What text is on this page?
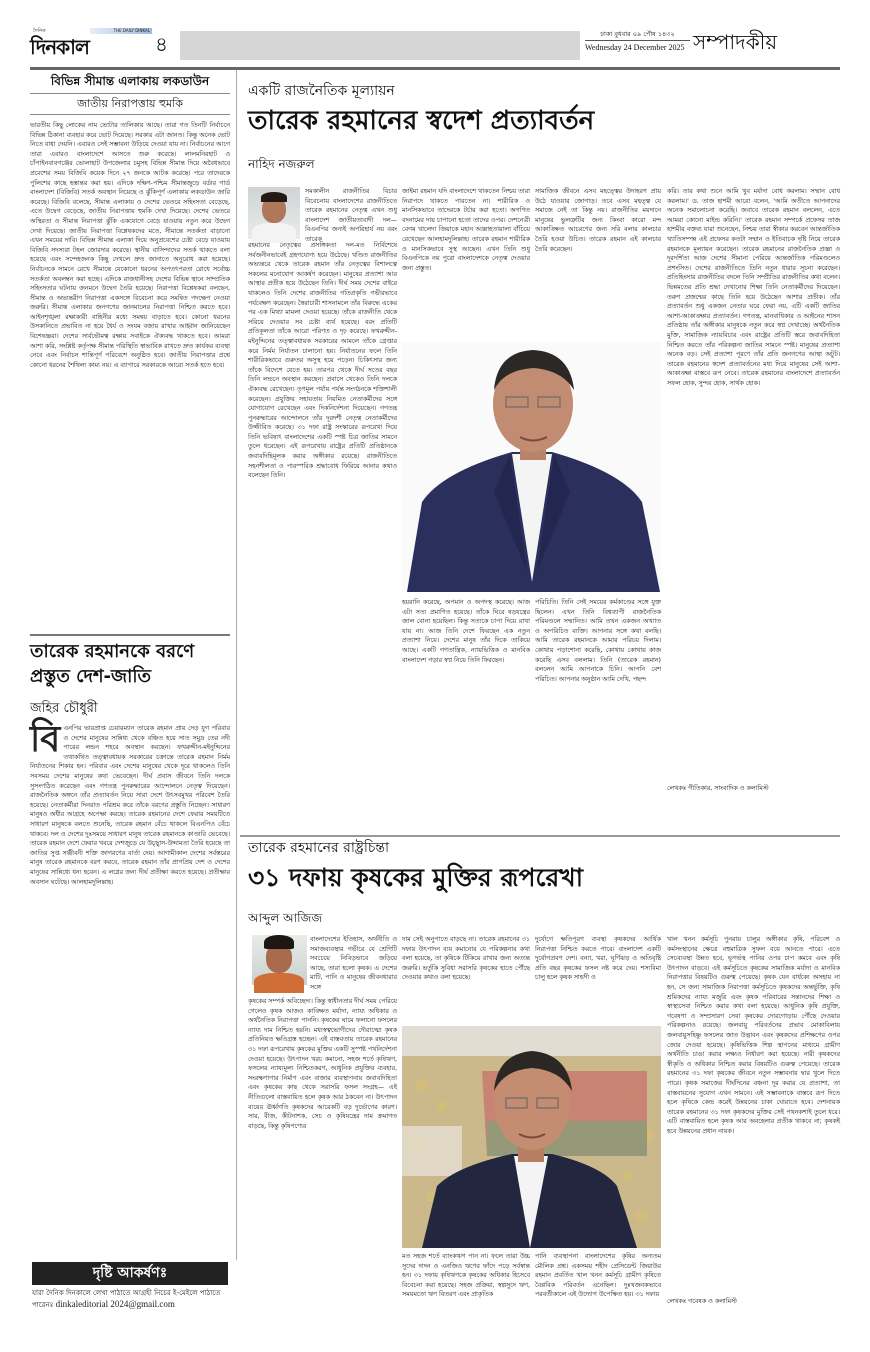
দৈনিক	THE DAILY DINKAL
দিনকাল	৪	ঢাকা বুধবার ০৯ পৌষ ১৪৩২
Wednesday 24 December 2025 সম্পাদকীয়
বিভিন্ন সীমান্ত এলাকায় লকডাউন
জাতীয় নিরাপত্তায় হুমকি
ভারতীয় কিছু লোকের নাম ভোটার তালিকায় আছে। তারা গত তিনটি নির্বাচনে বিভিন্ন ঠিকানা ব্যবহার করে ভোট দিয়েছে। সরকার এটা জানত। কিন্তু অনেক ভোট নিতে বাধা দেয়নি। এবারও সেই সম্ভাবনা উড়িয়ে দেওয়া যায় না। নির্বাচনের আগে তারা এবারও বাংলাদেশে আসতে শুরু করেছে। লালমনিরহাট ও চাঁপাইনবাবগঞ্জের ভোলাহাট উপজেলার চমুসহ বিভিন্ন সীমান্ত দিয়ে অবৈধভাবে প্রবেশের সময় বিজিবি কয়েক দিনে ২৭ জনকে আটক করেছে। পরে তাদেরকে পুলিশের কাছে হস্তান্তর করা হয়। এদিকে দক্ষিণ-পশ্চিম সীমান্তজুড়ে বর্ডার গার্ড বাংলাদেশ (বিজিবি) সতর্ক অবস্থান নিয়েছে ও ঝুঁকিপূর্ণ এলাকায় লকডাউন জারি করেছে। বিজিবি বলেছে, সীমান্ত এলাকায় ও দেশের ভেতরে সহিংসতা বেড়েছে, এতে উদ্বেগ বেড়েছে, জাতীয় নিরাপত্তায় হুমকি দেখা দিয়েছে। দেশের ভেতরে অস্থিরতা ও সীমান্ত নিরাপত্তা ঝুঁকি একযোগে বেড়ে যাওয়ায় নতুন করে উদ্বেগ দেখা দিয়েছে। জাতীয় নিরাপত্তা বিশ্লেষকদের মতে, সীমান্তে সতর্কতা বাড়ানো এখন সময়ের দাবি। বিভিন্ন সীমান্ত এলাকা দিয়ে অনুপ্রবেশের চেষ্টা বেড়ে যাওয়ায় বিজিবি সদস্যরা টহল জোরদার করেছে। স্থানীয় বাসিন্দাদের সতর্ক থাকতে বলা হয়েছে এবং সন্দেহজনক কিছু দেখলে দ্রুত জানাতে অনুরোধ করা হয়েছে। নির্বাচনকে সামনে রেখে সীমান্তে যেকোনো ধরনের অপতৎপরতা রোধে সর্বোচ্চ সতর্কতা অবলম্বন করা হচ্ছে। এদিকে রাজধানীসহ দেশের বিভিন্ন স্থানে সাম্প্রতিক সহিংসতার ঘটনায় জনমনে উদ্বেগ তৈরি হয়েছে। নিরাপত্তা বিশ্লেষকরা বলছেন, সীমান্ত ও অভ্যন্তরীণ নিরাপত্তা একসঙ্গে বিবেচনা করে সমন্বিত পদক্ষেপ নেওয়া জরুরি। সীমান্ত এলাকার জনগণের জানমালের নিরাপত্তা নিশ্চিত করতে হবে। আইনশৃঙ্খলা রক্ষাকারী বাহিনীর মধ্যে সমন্বয় বাড়াতে হবে। কোনো ধরনের উসকানিতে প্রভাবিত না হয়ে ধৈর্য ও সংযম বজায় রাখার আহ্বান জানিয়েছেন বিশেষজ্ঞরা। দেশের সার্বভৌমত্ব রক্ষায় সবাইকে ঐক্যবদ্ধ থাকতে হবে। আমরা আশা করি, সংশ্লিষ্ট কর্তৃপক্ষ সীমান্ত পরিস্থিতি স্বাভাবিক রাখতে দ্রুত কার্যকর ব্যবস্থা নেবে এবং নির্বাচন শান্তিপূর্ণ পরিবেশে অনুষ্ঠিত হবে। জাতীয় নিরাপত্তার প্রশ্নে কোনো ধরনের শৈথিল্য কাম্য নয়। এ ব্যাপারে সরকারকে আরো সতর্ক হতে হবে।
তারেক রহমানকে বরণে প্রস্তুত দেশ-জাতি
জহির চৌধুরী
বি এনপির ভারপ্রাপ্ত চেয়ারম্যান তারেক রহমান প্রায় দেড় যুগ পরিবার ও দেশের মানুষের সান্নিধ্য থেকে বঞ্চিত হয়ে সাত সমুদ্র তের নদী পারের লন্ডন শহরে অবস্থান করছেন। ফখরুদ্দীন-মইনুদ্দিনের তথাকথিত তত্ত্বাবধায়ক সরকারের চক্রান্তে তারেক রহমান নির্মম নির্যাতনের শিকার হন। পরিবার এবং দেশের মানুষের থেকে দূরে থাকলেও তিনি সবসময় দেশের মানুষের কথা ভেবেছেন। দীর্ঘ প্রবাস জীবনে তিনি দলকে সুসংগঠিত করেছেন এবং গণতন্ত্র পুনরুদ্ধারের আন্দোলনে নেতৃত্ব দিয়েছেন। রাজনৈতিক অঙ্গনে তাঁর প্রত্যাবর্তন নিয়ে সারা দেশে উৎসবমুখর পরিবেশ তৈরি হয়েছে। নেতাকর্মীরা দিনরাত পরিশ্রম করে তাঁকে বরণের প্রস্তুতি নিচ্ছেন। সাধারণ মানুষও অধীর আগ্রহে অপেক্ষা করছে। তারেক রহমানের দেশে ফেরার সময়টিতে সাধারণ মানুষকে বলতে শুনেছি, তারেক রহমান বেঁচে থাকলে বিএনপিও বেঁচে থাকবে। দল ও দেশের দুঃসময়ে সাধারণ মানুষ তারেক রহমানকে কাণ্ডারি ভেবেছে। তারেক রহমান দেশে ফেরার খবরে দেশজুড়ে যে উচ্ছ্বাস-উদ্দামতা তৈরি হয়েছে তা জাতির সুপ্ত সঞ্জীবনী শক্তি জাগরণের বার্তা দেয়। আগামীকাল দেশের সর্বস্তরের মানুষ তারেক রহমানকে বরণ করবে, তারেক রহমান তাঁর প্রাণপ্রিয় দেশ ও দেশের মানুষের সান্নিধ্যে ধন্য হবেন। এ লগ্নের জন্য দীর্ঘ প্রতীক্ষা করতে হয়েছে। প্রতীক্ষার অবসান ঘটেছে। আলহামদুলিল্লাহ।
দৃষ্টি আকর্ষণঃ
যারা দৈনিক দিনকালে লেখা পাঠাতে আগ্রহী নিচের ই-মেইলে পাঠাতে পারেনঃ dinkaleditorial 2024@gmail.com
একটি রাজনৈতিক মূল্যায়ন
তারেক রহমানের স্বদেশ প্রত্যাবর্তন
নাহিদ নজরুল
সমকালীন রাজনীতির বিচার বিবেচনায় বাংলাদেশের রাজনীতিতে তারেক রহমানের নেতৃত্ব এখন শুধু বাংলাদেশ জাতীয়তাবাদী দল— বিএনপির জন্যই অপরিহার্য নয় বরং তারেক
রহমানের নেতৃত্বের প্রসঙ্গিকতা দল-মত নির্বিশেষে সর্বজনীনভাবেই গ্রহণযোগ্য হয়ে উঠেছে। খণ্ডিত রাজনীতির অভ্যন্তরে থেকে তারেক রহমান তাঁর নেতৃত্বের বিশালত্বে সকলের মনোযোগ আকর্ষণ করেছেন। মানুষের প্রত্যাশা আর আস্থার প্রতীক হয়ে উঠেছেন তিনি। দীর্ঘ সময় দেশের বাইরে থাকলেও তিনি দেশের রাজনীতির গতিপ্রকৃতি গভীরভাবে পর্যবেক্ষণ করেছেন। স্বৈরাচারী শাসনামলে তাঁর বিরুদ্ধে একের পর এক মিথ্যা মামলা দেওয়া হয়েছে। তাঁকে রাজনীতি থেকে সরিয়ে দেওয়ার সব চেষ্টা ব্যর্থ হয়েছে। বরং প্রতিটি প্রতিকূলতা তাঁকে আরো পরিণত ও দৃঢ় করেছে। ফখরুদ্দীন-মইনুদ্দিনের তত্ত্বাবধায়ক সরকারের আমলে তাঁকে গ্রেপ্তার করে নির্মম নির্যাতন চালানো হয়। নির্যাতনের ফলে তিনি শারীরিকভাবে গুরুতর অসুস্থ হয়ে পড়েন। চিকিৎসার জন্য তাঁকে বিদেশে যেতে হয়। তারপর থেকে দীর্ঘ সতের বছর তিনি লন্ডনে অবস্থান করছেন। প্রবাসে থেকেও তিনি দলকে ঐক্যবদ্ধ রেখেছেন। তৃণমূল পর্যায় পর্যন্ত সংগঠনকে শক্তিশালী করেছেন। প্রযুক্তির সহায়তায় নিয়মিত নেতাকর্মীদের সঙ্গে যোগাযোগ রেখেছেন এবং দিকনির্দেশনা দিয়েছেন। গণতন্ত্র পুনরুদ্ধারের আন্দোলনে তাঁর দূরদর্শী নেতৃত্ব নেতাকর্মীদের উজ্জীবিত করেছে। ৩১ দফা রাষ্ট্র সংস্কারের রূপরেখা দিয়ে তিনি ভবিষ্যৎ বাংলাদেশের একটি স্পষ্ট চিত্র জাতির সামনে তুলে ধরেছেন। এই রূপরেখায় রাষ্ট্রের প্রতিটি প্রতিষ্ঠানকে জবাবদিহিমূলক করার অঙ্গীকার রয়েছে। রাজনীতিতে সহনশীলতা ও পারস্পরিক শ্রদ্ধাবোধ ফিরিয়ে আনার কথাও বলেছেন তিনি।
জাইমা রহমান যদি বাংলাদেশে থাকতেন নিশ্চয় তারা নিরাপদে থাকতে পারতেন না। শারীরিক ও মানসিকভাবে তাদেরকে টর্চার করা হতো। অগণিত বদনামের দায় চাপানো হতো তাদের ওপর। দেশনেত্রী বেগম খালেদা জিয়াকে মহান আল্লাহতায়ালা বাঁচিয়ে রেখেছেন আলহামদুলিল্লাহ। তারেক রহমান শারীরিক ও মানসিকভাবে সুস্থ আছেন। এখন তিনি শুধু বিএনপিকে নয় পুরো বাংলাদেশকে নেতৃত্ব দেওয়ার জন্য প্রস্তুত।
সামাজিক জীবনে এসব মহত্ত্বের উদাহরণ প্রায় উঠে যাওয়ার জোগাড়। তবে এসব মহত্ত্ব যে সমাজে নেই তা কিন্তু নয়। রাজনীতির ময়দানে মানুষের ভুলত্রুটির জন্য কিংবা কারো মন্দ আকাঙ্ক্ষিত আচরণের জন্য সরি বলার কালচার তৈরি হওয়া উচিত। তারেক রহমান এই কালচার তৈরি করেছেন।
হয়রানি করেছে, অপমান ও অপদস্থ করেছে। আজ এটা সত্য প্রমাণিত হয়েছে। তাঁকে ঘিরে ষড়যন্ত্রের জাল বোনা হয়েছিল। কিন্তু সত্যকে চাপা দিয়ে রাখা যায় না। আজ তিনি দেশে ফিরছেন এক নতুন প্রত্যাশা নিয়ে। দেশের মানুষ তাঁর দিকে তাকিয়ে আছে। একটি গণতান্ত্রিক, ন্যায়ভিত্তিক ও মানবিক বাংলাদেশ গড়ার স্বপ্ন নিয়ে তিনি ফিরছেন।
পরিচিতি। তিনি সেই সময়ের কর্মকাণ্ডের সঙ্গে যুক্ত ছিলেন। এখন তিনি বিশ্বব্যাপী রাজনৈতিক পরিমণ্ডলে সম্মানিত। আমি তখন একজন অখ্যাত ও অপরিচিত ব্যক্তি। আপনার সঙ্গে কথা বলছি। আমি তারেক রহমানকে আমার পরিচয় দিলাম। কোথায় পড়াশোনা করেছি, কোথায় কোথায় কাজ করেছি এসব বললাম। তিনি (তারেক রহমান) বললেন আমি আপনাকে চিনি। আপনি বেশ পরিচিত। আপনার অনুষ্ঠান আমি দেখি, পছন্দ
করি। তার কথা শুনে আমি খুব মর্যাদা বোধ করলাম। সম্মান বোধ করলাম।' ড. তাজ হাশমী আরো বলেন, 'আমি অতীতে আপনাদের অনেক সমালোচনা করেছি। জবাবে তারেক রহমান বললেন, এতে আমরা কোনো মাইন্ড করিনি।' তারেক রহমান সম্পর্কে প্রফেসর তাজ হাশমীর বক্তব্য যারা শুনেছেন, নিশ্চয় তারা স্বীকার করবেন আন্তর্জাতিক খ্যাতিসম্পন্ন এই প্রফেসর কতটা সম্মান ও ইতিবাচক দৃষ্টি নিয়ে তারেক রহমানকে মূল্যায়ন করেছেন। তারেক রহমানের রাজনৈতিক প্রজ্ঞা ও দূরদর্শিতা আজ দেশের সীমানা পেরিয়ে আন্তর্জাতিক পরিমণ্ডলেও প্রশংসিত। দেশের রাজনীতিতে তিনি নতুন ধারার সূচনা করেছেন। প্রতিহিংসার রাজনীতির বদলে তিনি সম্প্রীতির রাজনীতির কথা বলেন। ভিন্নমতের প্রতি শ্রদ্ধা দেখানোর শিক্ষা তিনি নেতাকর্মীদের দিয়েছেন। তরুণ প্রজন্মের কাছে তিনি হয়ে উঠেছেন আশার প্রতীক। তাঁর প্রত্যাবর্তন শুধু একজন নেতার ঘরে ফেরা নয়, এটি একটি জাতির আশা-আকাঙ্ক্ষার প্রত্যাবর্তন। গণতন্ত্র, মানবাধিকার ও আইনের শাসন প্রতিষ্ঠায় তাঁর অঙ্গীকার মানুষকে নতুন করে স্বপ্ন দেখাচ্ছে। অর্থনৈতিক মুক্তি, সামাজিক ন্যায়বিচার এবং রাষ্ট্রের প্রতিটি স্তরে জবাবদিহিতা নিশ্চিত করতে তাঁর পরিকল্পনা জাতির সামনে স্পষ্ট। মানুষের প্রত্যাশা অনেক বড়। সেই প্রত্যাশা পূরণে তাঁর প্রতি জনগণের আস্থা অটুট। তারেক রহমানের স্বদেশ প্রত্যাবর্তনের মধ্য দিয়ে মানুষের সেই আশা-আকাঙ্ক্ষা বাস্তবে রূপ নেবে। তারেক রহমানের বাংলাদেশে প্রত্যাবর্তন সফল হোক, সুন্দর হোক, সার্থক হোক।
লেখকঃ গীতিকার, সাংবাদিক ও কলামিস্ট
তারেক রহমানের রাষ্ট্রচিন্তা
৩১ দফায় কৃষকের মুক্তির রূপরেখা
আব্দুল আজিজ
বাংলাদেশের ইতিহাস, অর্থনীতি ও সমাজব্যবস্থার গভীরে যে শ্রেণিটি সবচেয়ে নিবিড়ভাবে জড়িয়ে আছে, তারা হলো কৃষক। এ দেশের মাটি, পানি ও মানুষের জীবনধারার সঙ্গে
কৃষকের সম্পর্ক অবিচ্ছেদ্য। কিন্তু স্বাধীনতার দীর্ঘ সময় পেরিয়ে গেলেও কৃষক আজও কাঙ্ক্ষিত মর্যাদা, ন্যায্য অধিকার ও অর্থনৈতিক নিরাপত্তা পাননি। কৃষকের ঘামে ফলানো ফসলের ন্যায্য দাম নিশ্চিত হয়নি। মধ্যস্বত্বভোগীদের দৌরাত্ম্যে কৃষক প্রতিনিয়ত ক্ষতিগ্রস্ত হচ্ছেন। এই বাস্তবতায় তারেক রহমানের ৩১ দফা রূপরেখায় কৃষকের মুক্তির একটি সুস্পষ্ট পথনির্দেশনা দেওয়া হয়েছে। উৎপাদন খরচ কমানো, সহজ শর্তে কৃষিঋণ, ফসলের ন্যায্যমূল্য নিশ্চিতকরণ, আধুনিক প্রযুক্তির ব্যবহার, সংরক্ষণাগার নির্মাণ এবং বাজার ব্যবস্থাপনায় জবাবদিহিতা এবং কৃষকের কাছ থেকে সরাসরি ফসল সংগ্রহ— এই নীতিগুলো বাস্তবায়িত হলে কৃষক আর ঠকবেন না। উৎপাদন ব্যয়ের ঊর্ধ্বগতি কৃষকদের আরেকটি বড় দুর্ভোগের কারণ। সার, বীজ, কীটনাশক, সেচ ও কৃষিযন্ত্রের দাম ক্রমাগত বাড়ছে, কিন্তু কৃষিপণ্যের
দাম সেই অনুপাতে বাড়ছে না। তারেক রহমানের ৩১ দফায় উৎপাদন ব্যয় কমানোর যে পরিকল্পনার কথা বলা হয়েছে, তা কৃষিকে টিকিয়ে রাখার জন্য অত্যন্ত জরুরি। ভর্তুকি সুবিধা সরাসরি কৃষকের হাতে পৌঁছে দেওয়ার কথাও বলা হয়েছে।
দুর্যোগে ক্ষতিপূরণ ব্যবস্থা কৃষকদের আর্থিক নিরাপত্তা নিশ্চিত করতে পারে। বাংলাদেশ একটি দুর্যোগপ্রবণ দেশ। বন্যা, খরা, ঘূর্ণিঝড় ও অতিবৃষ্টি প্রতি বছর কৃষকের ফসল নষ্ট করে দেয়। শস্যবিমা চালু হলে কৃষক সাহসী ও
মত সহজ শর্তে ব্যাংকঋণ পান না। ফলে তারা উচ্চ সুদের দাদন ও এনজিও ঋণের ফাঁদে পড়ে সর্বস্বান্ত হন। ৩১ দফায় কৃষিঋণকে কৃষকের অধিকার হিসেবে বিবেচনা করা হয়েছে। সহজ প্রক্রিয়া, স্বল্পসুদে ঋণ, সময়মতো ঋণ বিতরণ এবং প্রাকৃতিক
পানি ব্যবস্থাপনা বাংলাদেশের কৃষির অন্যতম মৌলিক প্রশ্ন। একসময় শহীদ প্রেসিডেন্ট জিয়াউর রহমান প্রবর্তিত খাল খনন কর্মসূচি গ্রামীণ কৃষিতে বৈপ্লবিক পরিবর্তন এনেছিল। দুঃখজনকভাবে পরবর্তীকালে এই উদ্যোগ উপেক্ষিত হয়। ৩১ দফায়
খাল খনন কর্মসূচি পুনরায় চালুর অঙ্গীকার কৃষি, পরিবেশ ও কর্মসংস্থানের ক্ষেত্রে বহুমাত্রিক সুফল বয়ে আনতে পারে। এতে সেচব্যবস্থা উন্নত হবে, ভূগর্ভস্থ পানির ওপর চাপ কমবে এবং কৃষি উৎপাদন বাড়বে। এই কর্মসূচিতে কৃষকের সামাজিক মর্যাদা ও মানবিক নিরাপত্তার বিষয়টিও গুরুত্ব পেয়েছে। কৃষক যেন বার্ধক্যে অসহায় না হন, সে জন্য সামাজিক নিরাপত্তা কর্মসূচিতে কৃষকদের অন্তর্ভুক্তি, কৃষি শ্রমিকদের ন্যায্য মজুরি এবং কৃষক পরিবারের সন্তানদের শিক্ষা ও স্বাস্থ্যসেবা নিশ্চিত করার কথা বলা হয়েছে। আধুনিক কৃষি প্রযুক্তি, গবেষণা ও সম্প্রসারণ সেবা কৃষকের দোরগোড়ায় পৌঁছে দেওয়ার পরিকল্পনাও রয়েছে। জলবায়ু পরিবর্তনের প্রভাব মোকাবিলায় জলবায়ুসহিষ্ণু ফসলের জাত উদ্ভাবন এবং কৃষকদের প্রশিক্ষণের ওপর জোর দেওয়া হয়েছে। কৃষিভিত্তিক শিল্প স্থাপনের মাধ্যমে গ্রামীণ অর্থনীতি চাঙা করার লক্ষ্যও নির্ধারণ করা হয়েছে। নারী কৃষকদের স্বীকৃতি ও অধিকার নিশ্চিত করার বিষয়টিও গুরুত্ব পেয়েছে। তারেক রহমানের ৩১ দফা কৃষকের জীবনে নতুন সম্ভাবনার দ্বার খুলে দিতে পারে। কৃষক সমাজের দীর্ঘদিনের বঞ্চনা দূর করার যে প্রত্যাশা, তা বাস্তবায়নের সুযোগ এখন সামনে। এই সম্ভাবনাকে বাস্তবে রূপ দিতে হলে কৃষিকে কেন্দ্র করেই উন্নয়নের চাকা ঘোরাতে হবে। দেশনায়ক তারেক রহমানের ৩১ দফা কৃষকদের মুক্তির সেই পথনকশাই তুলে ধরে। এটি বাস্তবায়িত হলে কৃষক আর অবহেলার প্রতীক থাকবে না; কৃষকই হবে উন্নয়নের প্রধান নায়ক।
লেখকঃ গবেষক ও কলামিস্ট
